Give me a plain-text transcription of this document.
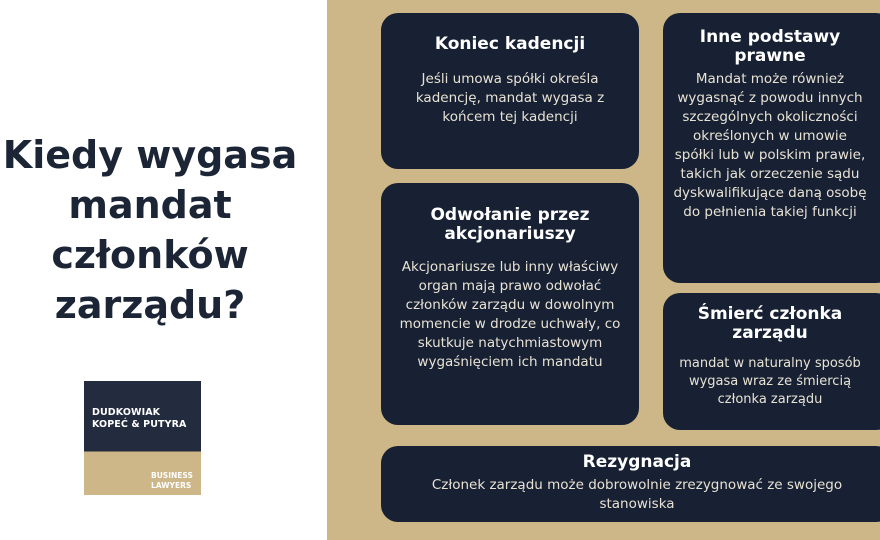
Kiedy wygasa
mandat
członków
zarządu?
DUDKOWIAK
KOPEĆ & PUTYRA
BUSINESS
LAWYERS
Koniec kadencji

Jeśli umowa spółki określa kadencję, mandat wygasa z końcem tej kadencji

Odwołanie przez akcjonariuszy

Akcjonariusze lub inny właściwy organ mają prawo odwołać członków zarządu w dowolnym momencie w drodze uchwały, co skutkuje natychmiastowym wygaśnięciem ich mandatu

Inne podstawy prawne

Mandat może również wygasnąć z powodu innych szczególnych okoliczności określonych w umowie spółki lub w polskim prawie, takich jak orzeczenie sądu dyskwalifikujące daną osobę do pełnienia takiej funkcji

Śmierć członka zarządu

mandat w naturalny sposób wygasa wraz ze śmiercią członka zarządu

Rezygnacja

Członek zarządu może dobrowolnie zrezygnować ze swojego stanowiska
